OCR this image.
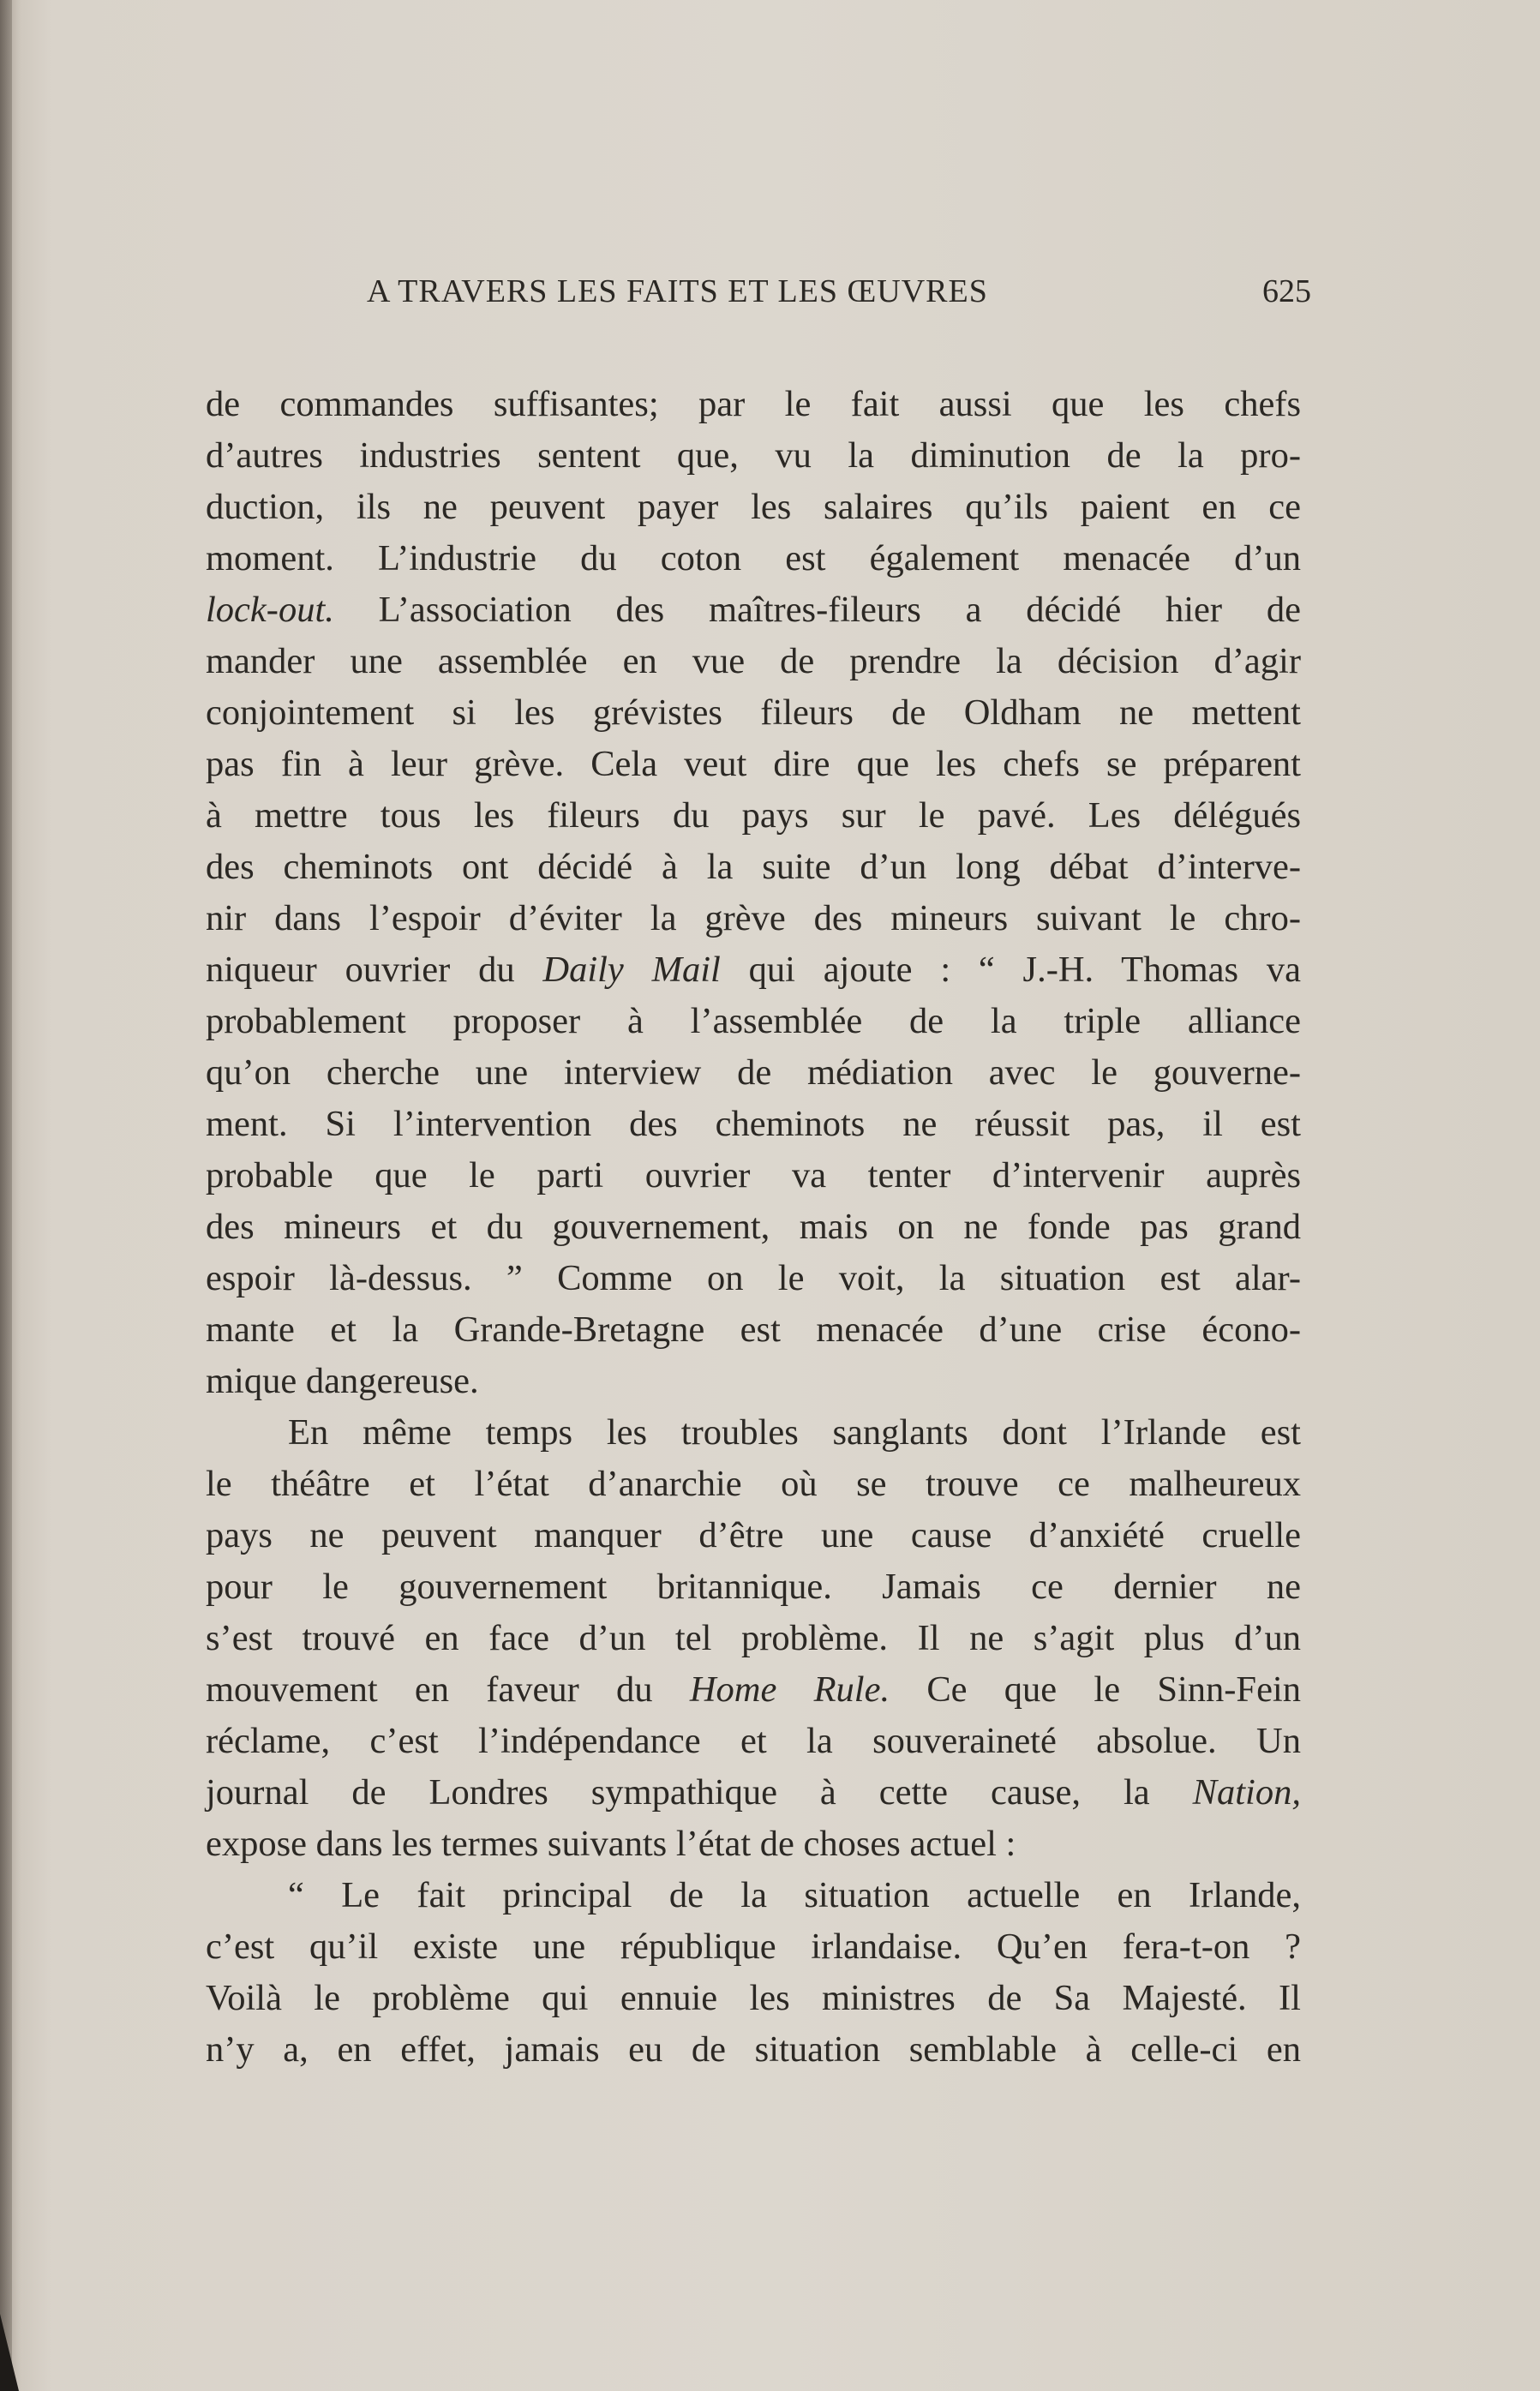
A TRAVERS LES FAITS ET LES ŒUVRES	625
de commandes suffisantes; par le fait aussi que les chefs
d’autres industries sentent que, vu la diminution de la pro-
duction, ils ne peuvent payer les salaires qu’ils paient en ce
moment. L’industrie du coton est également menacée d’un
lock-out. L’association des maîtres-fileurs a décidé hier de
mander une assemblée en vue de prendre la décision d’agir
conjointement si les grévistes fileurs de Oldham ne mettent
pas fin à leur grève. Cela veut dire que les chefs se préparent
à mettre tous les fileurs du pays sur le pavé. Les délégués
des cheminots ont décidé à la suite d’un long débat d’interve-
nir dans l’espoir d’éviter la grève des mineurs suivant le chro-
niqueur ouvrier du Daily Mail qui ajoute : “ J.-H. Thomas va
probablement proposer à l’assemblée de la triple alliance
qu’on cherche une interview de médiation avec le gouverne-
ment. Si l’intervention des cheminots ne réussit pas, il est
probable que le parti ouvrier va tenter d’intervenir auprès
des mineurs et du gouvernement, mais on ne fonde pas grand
espoir là-dessus. ” Comme on le voit, la situation est alar-
mante et la Grande-Bretagne est menacée d’une crise écono-
mique dangereuse.
En même temps les troubles sanglants dont l’Irlande est
le théâtre et l’état d’anarchie où se trouve ce malheureux
pays ne peuvent manquer d’être une cause d’anxiété cruelle
pour le gouvernement britannique. Jamais ce dernier ne
s’est trouvé en face d’un tel problème. Il ne s’agit plus d’un
mouvement en faveur du Home Rule. Ce que le Sinn-Fein
réclame, c’est l’indépendance et la souveraineté absolue. Un
journal de Londres sympathique à cette cause, la Nation,
expose dans les termes suivants l’état de choses actuel :
“ Le fait principal de la situation actuelle en Irlande,
c’est qu’il existe une république irlandaise. Qu’en fera-t-on ?
Voilà le problème qui ennuie les ministres de Sa Majesté. Il
n’y a, en effet, jamais eu de situation semblable à celle-ci en
